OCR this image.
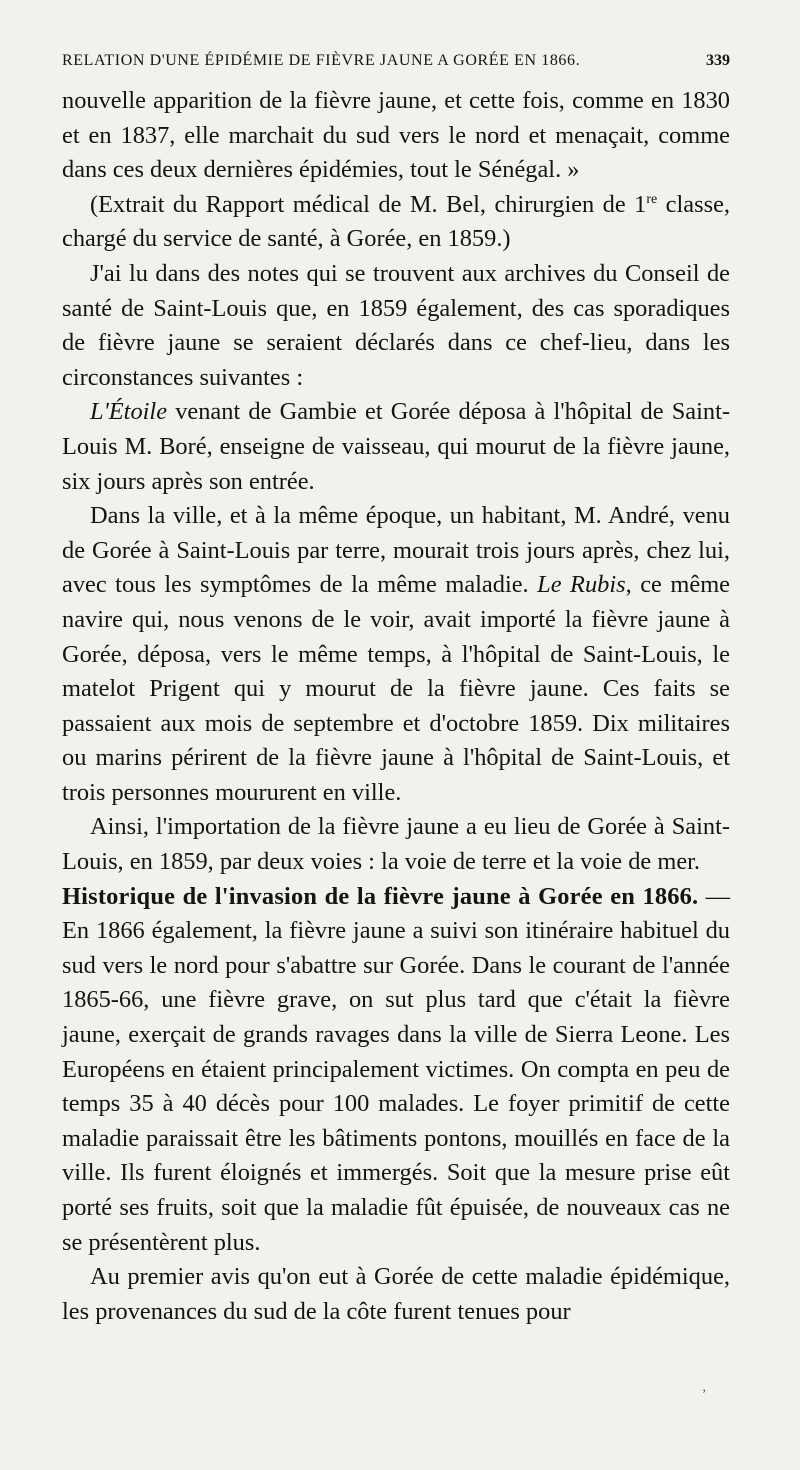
RELATION D'UNE ÉPIDÉMIE DE FIÈVRE JAUNE A GORÉE EN 1866.	339

nouvelle apparition de la fièvre jaune, et cette fois, comme en 1830 et en 1837, elle marchait du sud vers le nord et menaçait, comme dans ces deux dernières épidémies, tout le Sénégal. »

(Extrait du Rapport médical de M. Bel, chirurgien de 1re classe, chargé du service de santé, à Gorée, en 1859.)

J'ai lu dans des notes qui se trouvent aux archives du Conseil de santé de Saint-Louis que, en 1859 également, des cas sporadiques de fièvre jaune se seraient déclarés dans ce chef-lieu, dans les circonstances suivantes :

L'Étoile venant de Gambie et Gorée déposa à l'hôpital de Saint-Louis M. Boré, enseigne de vaisseau, qui mourut de la fièvre jaune, six jours après son entrée.

Dans la ville, et à la même époque, un habitant, M. André, venu de Gorée à Saint-Louis par terre, mourait trois jours après, chez lui, avec tous les symptômes de la même maladie. Le Rubis, ce même navire qui, nous venons de le voir, avait importé la fièvre jaune à Gorée, déposa, vers le même temps, à l'hôpital de Saint-Louis, le matelot Prigent qui y mourut de la fièvre jaune. Ces faits se passaient aux mois de septembre et d'octobre 1859. Dix militaires ou marins périrent de la fièvre jaune à l'hôpital de Saint-Louis, et trois personnes moururent en ville.

Ainsi, l'importation de la fièvre jaune a eu lieu de Gorée à Saint-Louis, en 1859, par deux voies : la voie de terre et la voie de mer.

Historique de l'invasion de la fièvre jaune à Gorée en 1866. — En 1866 également, la fièvre jaune a suivi son itinéraire habituel du sud vers le nord pour s'abattre sur Gorée. Dans le courant de l'année 1865-66, une fièvre grave, on sut plus tard que c'était la fièvre jaune, exerçait de grands ravages dans la ville de Sierra Leone. Les Européens en étaient principalement victimes. On compta en peu de temps 35 à 40 décès pour 100 malades. Le foyer primitif de cette maladie paraissait être les bâtiments pontons, mouillés en face de la ville. Ils furent éloignés et immergés. Soit que la mesure prise eût porté ses fruits, soit que la maladie fût épuisée, de nouveaux cas ne se présentèrent plus.

Au premier avis qu'on eut à Gorée de cette maladie épidémique, les provenances du sud de la côte furent tenues pour

,
